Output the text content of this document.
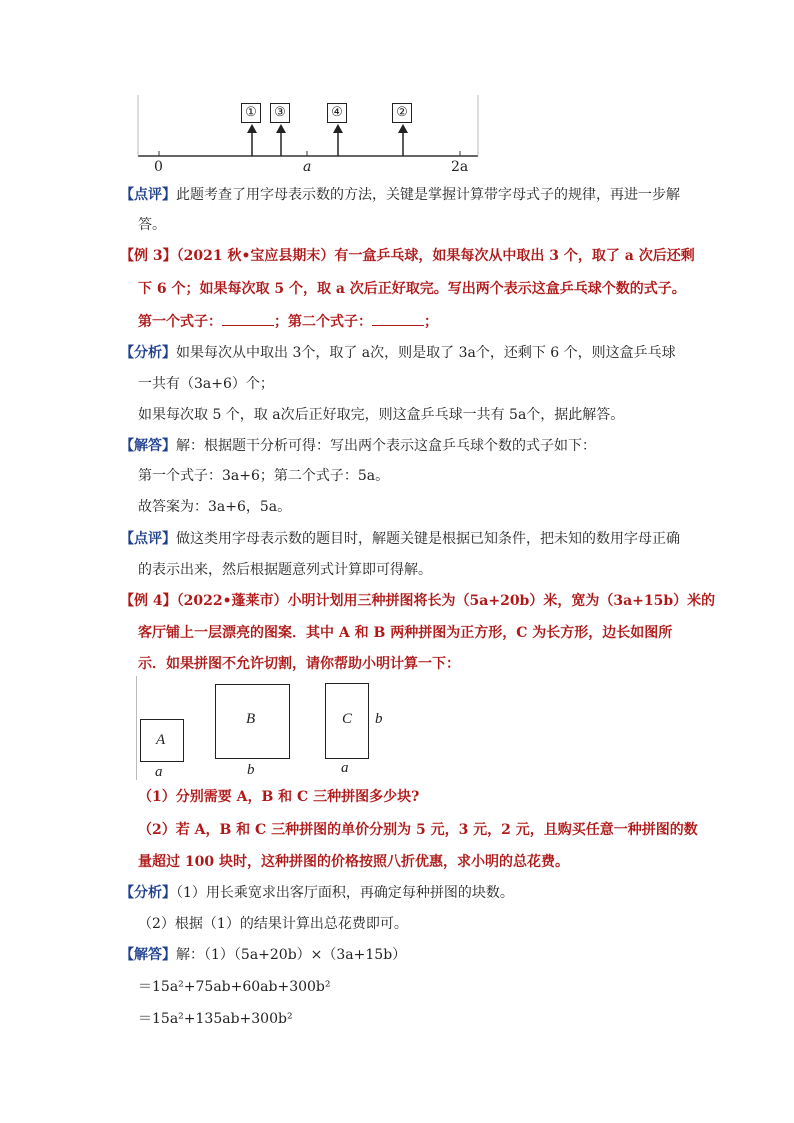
①	③	④	②
0	a	2a
【点评】此题考查了用字母表示数的方法，关键是掌握计算带字母式子的规律，再进一步解
答。
【例 3】（2021 秋•宝应县期末）有一盒乒乓球，如果每次从中取出 3 个，取了 a 次后还剩
下 6 个；如果每次取 5 个，取 a 次后正好取完。写出两个表示这盒乒乓球个数的式子。
第一个式子：	；第二个式子：	；
【分析】如果每次从中取出 3个，取了 a次，则是取了 3a个，还剩下 6 个，则这盒乒乓球
一共有（3a+6）个；
如果每次取 5 个，取 a次后正好取完，则这盒乒乓球一共有 5a个，据此解答。
【解答】解：根据题干分析可得：写出两个表示这盒乒乓球个数的式子如下：
第一个式子：3a+6；第二个式子：5a。
故答案为：3a+6，5a。
【点评】做这类用字母表示数的题目时，解题关键是根据已知条件，把未知的数用字母正确
的表示出来，然后根据题意列式计算即可得解。
【例 4】（2022•蓬莱市）小明计划用三种拼图将长为（5a+20b）米，宽为（3a+15b）米的
客厅铺上一层漂亮的图案．其中 A 和 B 两种拼图为正方形，C 为长方形，边长如图所
示．如果拼图不允许切割，请你帮助小明计算一下：
（1）分别需要 A，B 和 C 三种拼图多少块?
（2）若 A，B 和 C 三种拼图的单价分别为 5 元，3 元，2 元，且购买任意一种拼图的数
量超过 100 块时，这种拼图的价格按照八折优惠，求小明的总花费。
【分析】（1）用长乘宽求出客厅面积，再确定每种拼图的块数。
（2）根据（1）的结果计算出总花费即可。
【解答】解：（1）（5a+20b）×（3a+15b）
＝15a²+75ab+60ab+300b²
＝15a²+135ab+300b²
A
a
B
b
C
a
b
